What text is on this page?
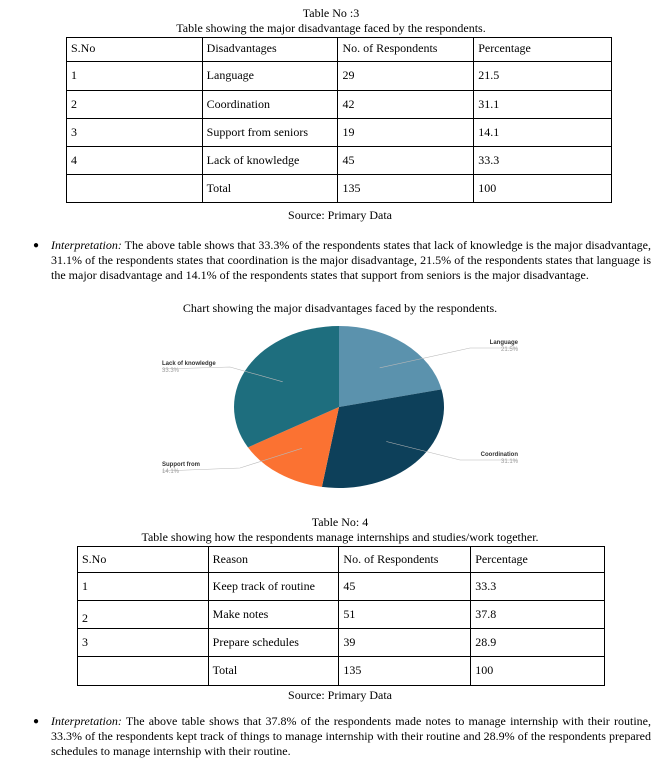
Table No :3
Table showing the major disadvantage faced by the respondents.
S.No	Disadvantages	No. of Respondents	Percentage
1	Language	29	21.5
2	Coordination	42	31.1
3	Support from seniors	19	14.1
4	Lack of knowledge	45	33.3
	Total	135	100
Source: Primary Data
● Interpretation: The above table shows that 33.3% of the respondents states that lack of knowledge is the major disadvantage, 31.1% of the respondents states that coordination is the major disadvantage, 21.5% of the respondents states that language is the major disadvantage and 14.1% of the respondents states that support from seniors is the major disadvantage.
Chart showing the major disadvantages faced by the respondents.
Language
21.5%
Coordination
31.1%
Support from
14.1%
Lack of knowledge
33.3%
Table No: 4
Table showing how the respondents manage internships and studies/work together.
S.No	Reason	No. of Respondents	Percentage
1	Keep track of routine	45	33.3
2	Make notes	51	37.8
3	Prepare schedules	39	28.9
	Total	135	100
Source: Primary Data
● Interpretation: The above table shows that 37.8% of the respondents made notes to manage internship with their routine, 33.3% of the respondents kept track of things to manage internship with their routine and 28.9% of the respondents prepared schedules to manage internship with their routine.
